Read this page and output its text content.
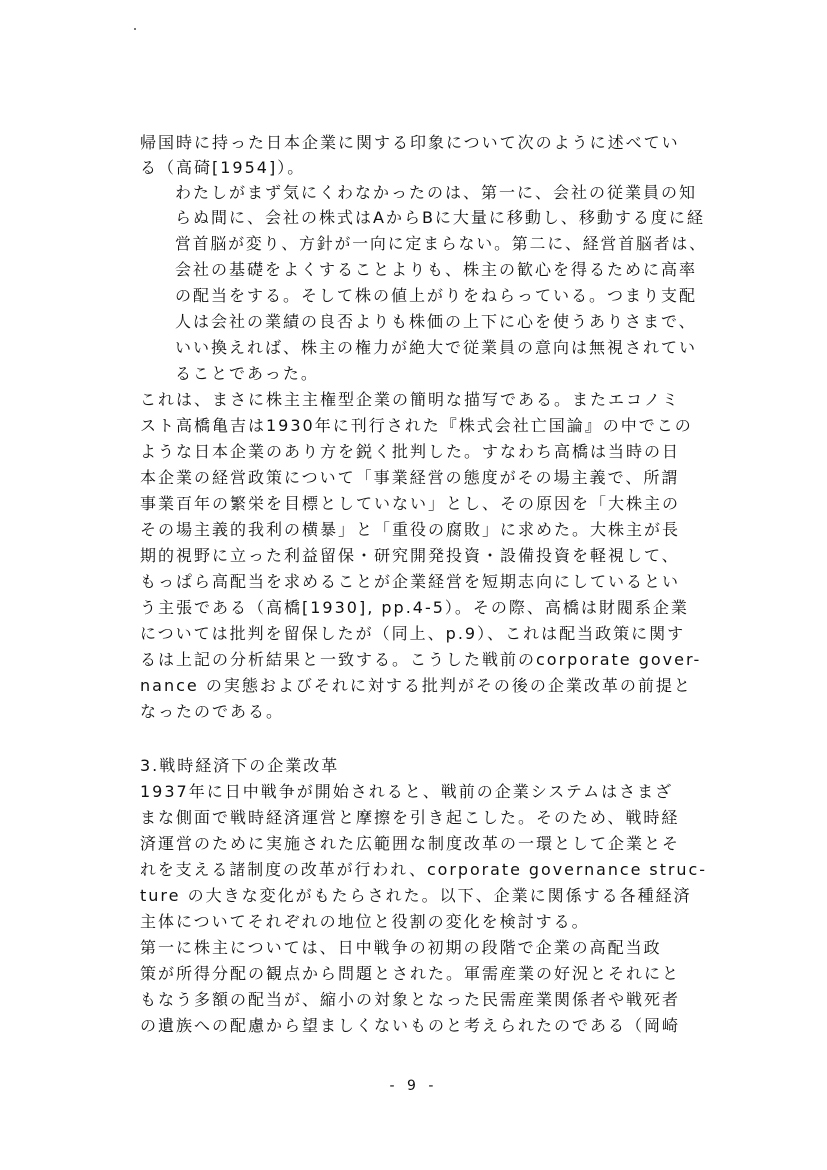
帰国時に持った日本企業に関する印象について次のように述べてい
る（高碕[1954]）。
わたしがまず気にくわなかったのは、第一に、会社の従業員の知
らぬ間に、会社の株式はAからBに大量に移動し、移動する度に経
営首脳が変り、方針が一向に定まらない。第二に、経営首脳者は、
会社の基礎をよくすることよりも、株主の歓心を得るために高率
の配当をする。そして株の値上がりをねらっている。つまり支配
人は会社の業績の良否よりも株価の上下に心を使うありさまで、
いい換えれば、株主の権力が絶大で従業員の意向は無視されてい
ることであった。
これは、まさに株主主権型企業の簡明な描写である。またエコノミ
スト高橋亀吉は1930年に刊行された『株式会社亡国論』の中でこの
ような日本企業のあり方を鋭く批判した。すなわち高橋は当時の日
本企業の経営政策について「事業経営の態度がその場主義で、所謂
事業百年の繁栄を目標としていない」とし、その原因を「大株主の
その場主義的我利の横暴」と「重役の腐敗」に求めた。大株主が長
期的視野に立った利益留保・研究開発投資・設備投資を軽視して、
もっぱら高配当を求めることが企業経営を短期志向にしているとい
う主張である（高橋[1930], pp.4-5）。その際、高橋は財閥系企業
については批判を留保したが（同上、p.9）、これは配当政策に関す
るは上記の分析結果と一致する。こうした戦前のcorporate gover-
nance の実態およびそれに対する批判がその後の企業改革の前提と
なったのである。
3.戦時経済下の企業改革
1937年に日中戦争が開始されると、戦前の企業システムはさまざ
まな側面で戦時経済運営と摩擦を引き起こした。そのため、戦時経
済運営のために実施された広範囲な制度改革の一環として企業とそ
れを支える諸制度の改革が行われ、corporate governance struc-
ture の大きな変化がもたらされた。以下、企業に関係する各種経済
主体についてそれぞれの地位と役割の変化を検討する。
第一に株主については、日中戦争の初期の段階で企業の高配当政
策が所得分配の観点から問題とされた。軍需産業の好況とそれにと
もなう多額の配当が、縮小の対象となった民需産業関係者や戦死者
の遺族への配慮から望ましくないものと考えられたのである（岡崎
- 9 -
